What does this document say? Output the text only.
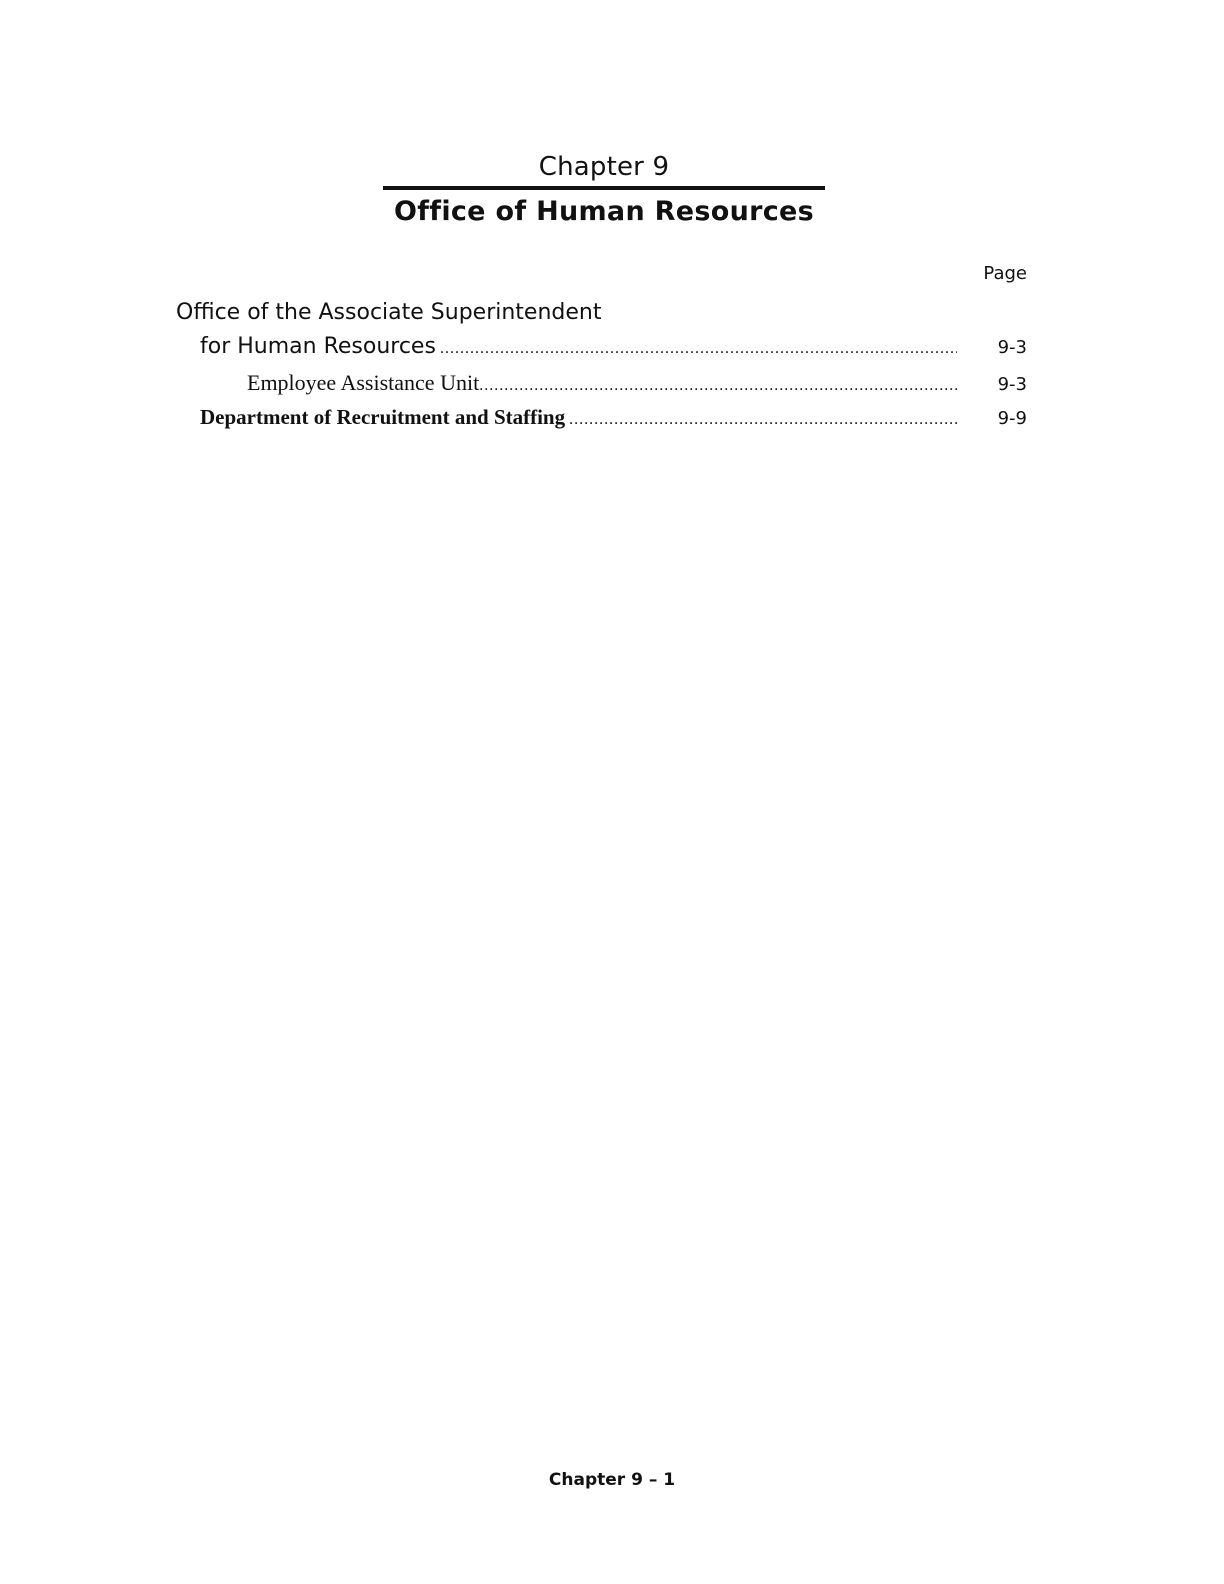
Chapter 9
Office of Human Resources
Page
Office of the Associate Superintendent
for Human Resources .....	9-3
Employee Assistance Unit .....	9-3
Department of Recruitment and Staffing .....	9-9
Chapter 9 – 1
